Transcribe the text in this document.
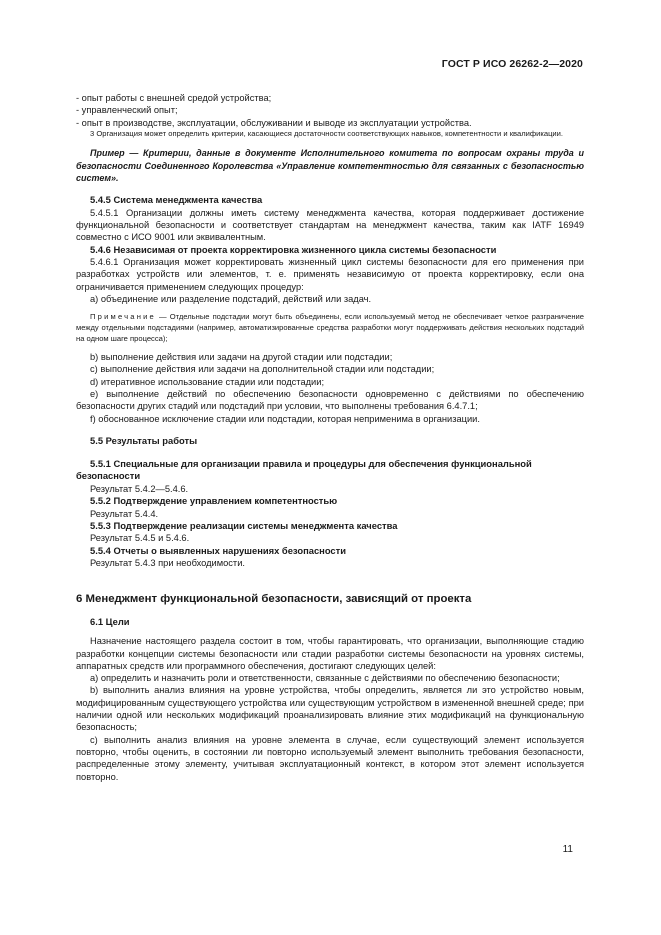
ГОСТ Р ИСО 26262-2—2020

- опыт работы с внешней средой устройства;

- управленческий опыт;

- опыт в производстве, эксплуатации, обслуживании и выводе из эксплуатации устройства.

3 Организация может определить критерии, касающиеся достаточности соответствующих навыков, компетентности и квалификации.

Пример — Критерии, данные в документе Исполнительного комитета по вопросам охраны труда и безопасности Соединенного Королевства «Управление компетентностью для связанных с безопасностью систем».

5.4.5 Система менеджмента качества

5.4.5.1 Организации должны иметь систему менеджмента качества, которая поддерживает достижение функциональной безопасности и соответствует стандартам на менеджмент качества, таким как IATF 16949 совместно с ИСО 9001 или эквивалентным.

5.4.6 Независимая от проекта корректировка жизненного цикла системы безопасности

5.4.6.1 Организация может корректировать жизненный цикл системы безопасности для его применения при разработках устройств или элементов, т. е. применять независимую от проекта корректировку, если она ограничивается применением следующих процедур:

а) объединение или разделение подстадий, действий или задач.

Примечание — Отдельные подстадии могут быть объединены, если используемый метод не обеспечивает четкое разграничение между отдельными подстадиями (например, автоматизированные средства разработки могут поддерживать действия нескольких подстадий на одном шаге процесса);

b) выполнение действия или задачи на другой стадии или подстадии;

с) выполнение действия или задачи на дополнительной стадии или подстадии;

d) итеративное использование стадии или подстадии;

е) выполнение действий по обеспечению безопасности одновременно с действиями по обеспечению безопасности других стадий или подстадий при условии, что выполнены требования 6.4.7.1;

f) обоснованное исключение стадии или подстадии, которая неприменима в организации.

5.5 Результаты работы

5.5.1 Специальные для организации правила и процедуры для обеспечения функциональной безопасности

Результат 5.4.2—5.4.6.

5.5.2 Подтверждение управлением компетентностью

Результат 5.4.4.

5.5.3 Подтверждение реализации системы менеджмента качества

Результат 5.4.5 и 5.4.6.

5.5.4 Отчеты о выявленных нарушениях безопасности

Результат 5.4.3 при необходимости.

6 Менеджмент функциональной безопасности, зависящий от проекта

6.1 Цели

Назначение настоящего раздела состоит в том, чтобы гарантировать, что организации, выполняющие стадию разработки концепции системы безопасности или стадии разработки системы безопасности на уровнях системы, аппаратных средств или программного обеспечения, достигают следующих целей:

а) определить и назначить роли и ответственности, связанные с действиями по обеспечению безопасности;

b) выполнить анализ влияния на уровне устройства, чтобы определить, является ли это устройство новым, модифицированным существующего устройства или существующим устройством в измененной внешней среде; при наличии одной или нескольких модификаций проанализировать влияние этих модификаций на функциональную безопасность;

с) выполнить анализ влияния на уровне элемента в случае, если существующий элемент используется повторно, чтобы оценить, в состоянии ли повторно используемый элемент выполнить требования безопасности, распределенные этому элементу, учитывая эксплуатационный контекст, в котором этот элемент используется повторно.

11
